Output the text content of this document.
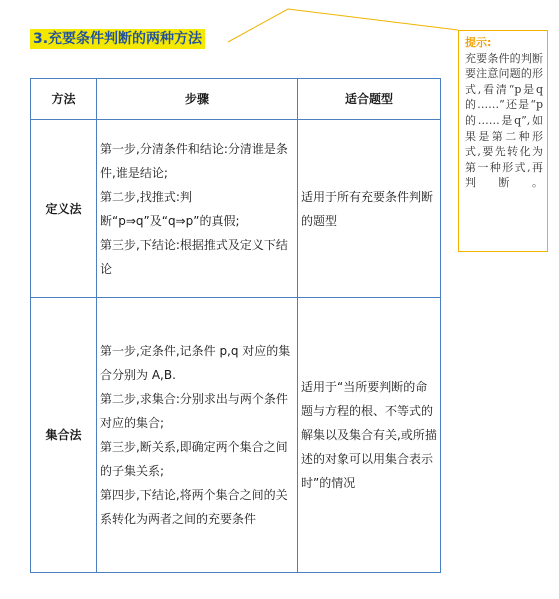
3.充要条件判断的两种方法	提示:
充要条件的判断要注意问题的形式,看清“p是q的……”还是“p的……是q”,如果是第二种形式,要先转化为第一种形式,再判断。
方法	步骤	适合题型
定义法	第一步,分清条件和结论:分清谁是条件,谁是结论;
第二步,找推式:判断“p⇒q”及“q⇒p”的真假;
第三步,下结论:根据推式及定义下结论	适用于所有充要条件判断的题型
集合法	第一步,定条件,记条件 p,q 对应的集合分别为 A,B.
第二步,求集合:分别求出与两个条件对应的集合;
第三步,断关系,即确定两个集合之间的子集关系;
第四步,下结论,将两个集合之间的关系转化为两者之间的充要条件	适用于“当所要判断的命题与方程的根、不等式的解集以及集合有关,或所描述的对象可以用集合表示时”的情况
